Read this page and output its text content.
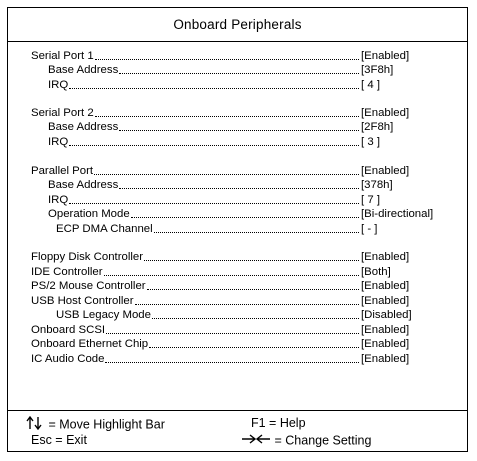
Onboard Peripherals
Serial Port 1	[Enabled]
Base Address	[3F8h]
IRQ	[ 4 ]
Serial Port 2	[Enabled]
Base Address	[2F8h]
IRQ	[ 3 ]
Parallel Port	[Enabled]
Base Address	[378h]
IRQ	[ 7 ]
Operation Mode	[Bi-directional]
ECP DMA Channel	[ - ]
Floppy Disk Controller	[Enabled]
IDE Controller	[Both]
PS/2 Mouse Controller	[Enabled]
USB Host Controller	[Enabled]
USB Legacy Mode	[Disabled]
Onboard SCSI	[Enabled]
Onboard Ethernet Chip	[Enabled]
IC Audio Code	[Enabled]
= Move Highlight Bar	F1 = Help
Esc = Exit	= Change Setting
